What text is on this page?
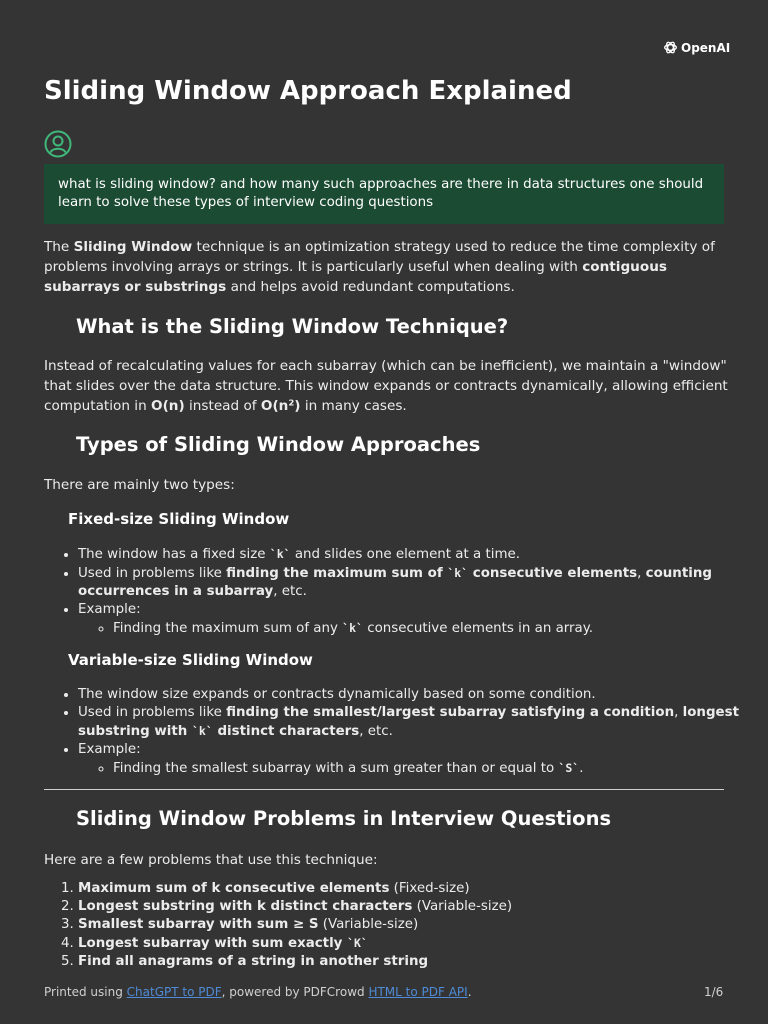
OpenAI
Sliding Window Approach Explained
what is sliding window? and how many such approaches are there in data structures one should learn to solve these types of interview coding questions

The Sliding Window technique is an optimization strategy used to reduce the time complexity of problems involving arrays or strings. It is particularly useful when dealing with contiguous subarrays or substrings and helps avoid redundant computations.

What is the Sliding Window Technique?

Instead of recalculating values for each subarray (which can be inefficient), we maintain a "window" that slides over the data structure. This window expands or contracts dynamically, allowing efficient computation in O(n) instead of O(n²) in many cases.

Types of Sliding Window Approaches

There are mainly two types:

Fixed-size Sliding Window
• The window has a fixed size `k` and slides one element at a time.
• Used in problems like finding the maximum sum of `k` consecutive elements, counting occurrences in a subarray, etc.
• Example:
◦ Finding the maximum sum of any `k` consecutive elements in an array.
Variable-size Sliding Window
• The window size expands or contracts dynamically based on some condition.
• Used in problems like finding the smallest/largest subarray satisfying a condition, longest substring with `k` distinct characters, etc.
• Example:
◦ Finding the smallest subarray with a sum greater than or equal to `S`.
Sliding Window Problems in Interview Questions

Here are a few problems that use this technique:

1. Maximum sum of k consecutive elements (Fixed-size)
2. Longest substring with k distinct characters (Variable-size)
3. Smallest subarray with sum ≥ S (Variable-size)
4. Longest subarray with sum exactly `K`
5. Find all anagrams of a string in another string
Printed using ChatGPT to PDF, powered by PDFCrowd HTML to PDF API.	1/6
